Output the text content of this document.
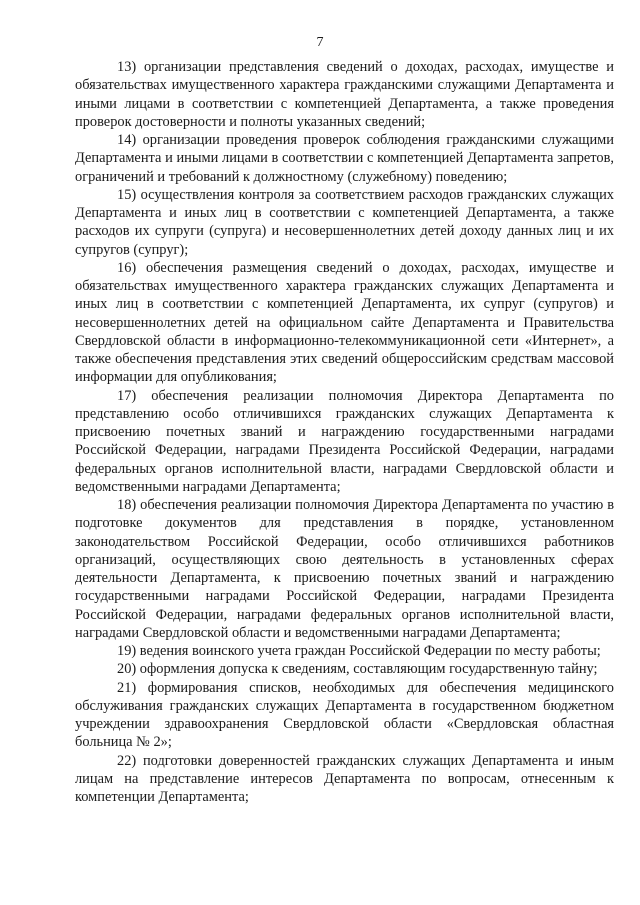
7

13) организации представления сведений о доходах, расходах, имуществе и обязательствах имущественного характера гражданскими служащими Департамента и иными лицами в соответствии с компетенцией Департамента, а также проведения проверок достоверности и полноты указанных сведений;

14) организации проведения проверок соблюдения гражданскими служащими Департамента и иными лицами в соответствии с компетенцией Департамента запретов, ограничений и требований к должностному (служебному) поведению;

15) осуществления контроля за соответствием расходов гражданских служащих Департамента и иных лиц в соответствии с компетенцией Департамента, а также расходов их супруги (супруга) и несовершеннолетних детей доходу данных лиц и их супругов (супруг);

16) обеспечения размещения сведений о доходах, расходах, имуществе и обязательствах имущественного характера гражданских служащих Департамента и иных лиц в соответствии с компетенцией Департамента, их супруг (супругов) и несовершеннолетних детей на официальном сайте Департамента и Правительства Свердловской области в информационно-телекоммуникационной сети «Интернет», а также обеспечения представления этих сведений общероссийским средствам массовой информации для опубликования;

17) обеспечения реализации полномочия Директора Департамента по представлению особо отличившихся гражданских служащих Департамента к присвоению почетных званий и награждению государственными наградами Российской Федерации, наградами Президента Российской Федерации, наградами федеральных органов исполнительной власти, наградами Свердловской области и ведомственными наградами Департамента;

18) обеспечения реализации полномочия Директора Департамента по участию в подготовке документов для представления в порядке, установленном законодательством Российской Федерации, особо отличившихся работников организаций, осуществляющих свою деятельность в установленных сферах деятельности Департамента, к присвоению почетных званий и награждению государственными наградами Российской Федерации, наградами Президента Российской Федерации, наградами федеральных органов исполнительной власти, наградами Свердловской области и ведомственными наградами Департамента;

19) ведения воинского учета граждан Российской Федерации по месту работы;

20) оформления допуска к сведениям, составляющим государственную тайну;

21) формирования списков, необходимых для обеспечения медицинского обслуживания гражданских служащих Департамента в государственном бюджетном учреждении здравоохранения Свердловской области «Свердловская областная больница № 2»;

22) подготовки доверенностей гражданских служащих Департамента и иным лицам на представление интересов Департамента по вопросам, отнесенным к компетенции Департамента;
